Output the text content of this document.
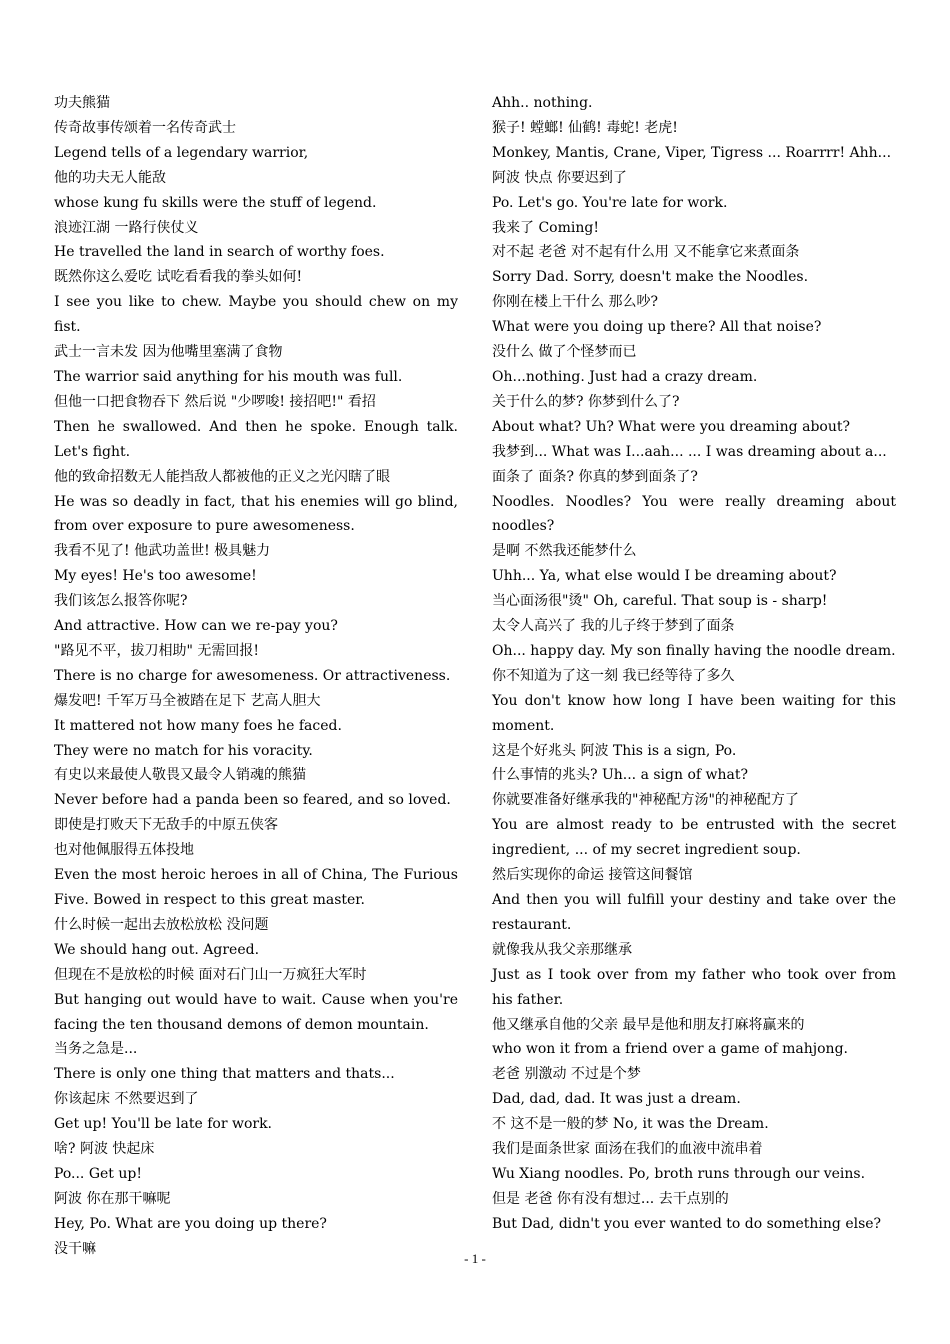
功夫熊猫
传奇故事传颂着一名传奇武士
Legend tells of a legendary warrior,
他的功夫无人能敌
whose kung fu skills were the stuff of legend.
浪迹江湖 一路行侠仗义
He travelled the land in search of worthy foes.
既然你这么爱吃 试吃看看我的拳头如何!
I see you like to chew. Maybe you should chew on my fist.
武士一言未发 因为他嘴里塞满了食物
The warrior said anything for his mouth was full.
但他一口把食物吞下 然后说 "少啰唆! 接招吧!" 看招
Then he swallowed. And then he spoke. Enough talk. Let's fight.
他的致命招数无人能挡敌人都被他的正义之光闪瞎了眼
He was so deadly in fact, that his enemies will go blind, from over exposure to pure awesomeness.
我看不见了! 他武功盖世! 极具魅力
My eyes! He's too awesome!
我们该怎么报答你呢?
And attractive. How can we re-pay you?
"路见不平，拔刀相助" 无需回报!
There is no charge for awesomeness. Or attractiveness.
爆发吧! 千军万马全被踏在足下 艺高人胆大
It mattered not how many foes he faced.
They were no match for his voracity.
有史以来最使人敬畏又最令人销魂的熊猫
Never before had a panda been so feared, and so loved.
即使是打败天下无敌手的中原五侠客
也对他佩服得五体投地
Even the most heroic heroes in all of China, The Furious Five. Bowed in respect to this great master.
什么时候一起出去放松放松 没问题
We should hang out. Agreed.
但现在不是放松的时候 面对石门山一万疯狂大军时
But hanging out would have to wait. Cause when you're facing the ten thousand demons of demon mountain.
当务之急是...
There is only one thing that matters and thats...
你该起床 不然要迟到了
Get up! You'll be late for work.
啥? 阿波 快起床
Po... Get up!
阿波 你在那干嘛呢
Hey, Po. What are you doing up there?
没干嘛
Ahh.. nothing.
猴子! 螳螂! 仙鹤! 毒蛇! 老虎!
Monkey, Mantis, Crane, Viper, Tigress ... Roarrrr! Ahh...
阿波 快点 你要迟到了
Po. Let's go. You're late for work.
我来了 Coming!
对不起 老爸 对不起有什么用 又不能拿它来煮面条
Sorry Dad. Sorry, doesn't make the Noodles.
你刚在楼上干什么 那么吵?
What were you doing up there? All that noise?
没什么 做了个怪梦而已
Oh...nothing. Just had a crazy dream.
关于什么的梦? 你梦到什么了?
About what? Uh? What were you dreaming about?
我梦到... What was I...aah... ... I was dreaming about a...
面条了 面条? 你真的梦到面条了?
Noodles. Noodles? You were really dreaming about noodles?
是啊 不然我还能梦什么
Uhh... Ya, what else would I be dreaming about?
当心面汤很"烫" Oh, careful. That soup is - sharp!
太令人高兴了 我的儿子终于梦到了面条
Oh... happy day. My son finally having the noodle dream.
你不知道为了这一刻 我已经等待了多久
You don't know how long I have been waiting for this moment.
这是个好兆头 阿波 This is a sign, Po.
什么事情的兆头? Uh... a sign of what?
你就要准备好继承我的"神秘配方汤"的神秘配方了
You are almost ready to be entrusted with the secret ingredient, ... of my secret ingredient soup.
然后实现你的命运 接管这间餐馆
And then you will fulfill your destiny and take over the restaurant.
就像我从我父亲那继承
Just as I took over from my father who took over from his father.
他又继承自他的父亲 最早是他和朋友打麻将赢来的
who won it from a friend over a game of mahjong.
老爸 别激动 不过是个梦
Dad, dad, dad. It was just a dream.
不 这不是一般的梦 No, it was the Dream.
我们是面条世家 面汤在我们的血液中流串着
Wu Xiang noodles. Po, broth runs through our veins.
但是 老爸 你有没有想过... 去干点别的
But Dad, didn't you ever wanted to do something else?
- 1 -
